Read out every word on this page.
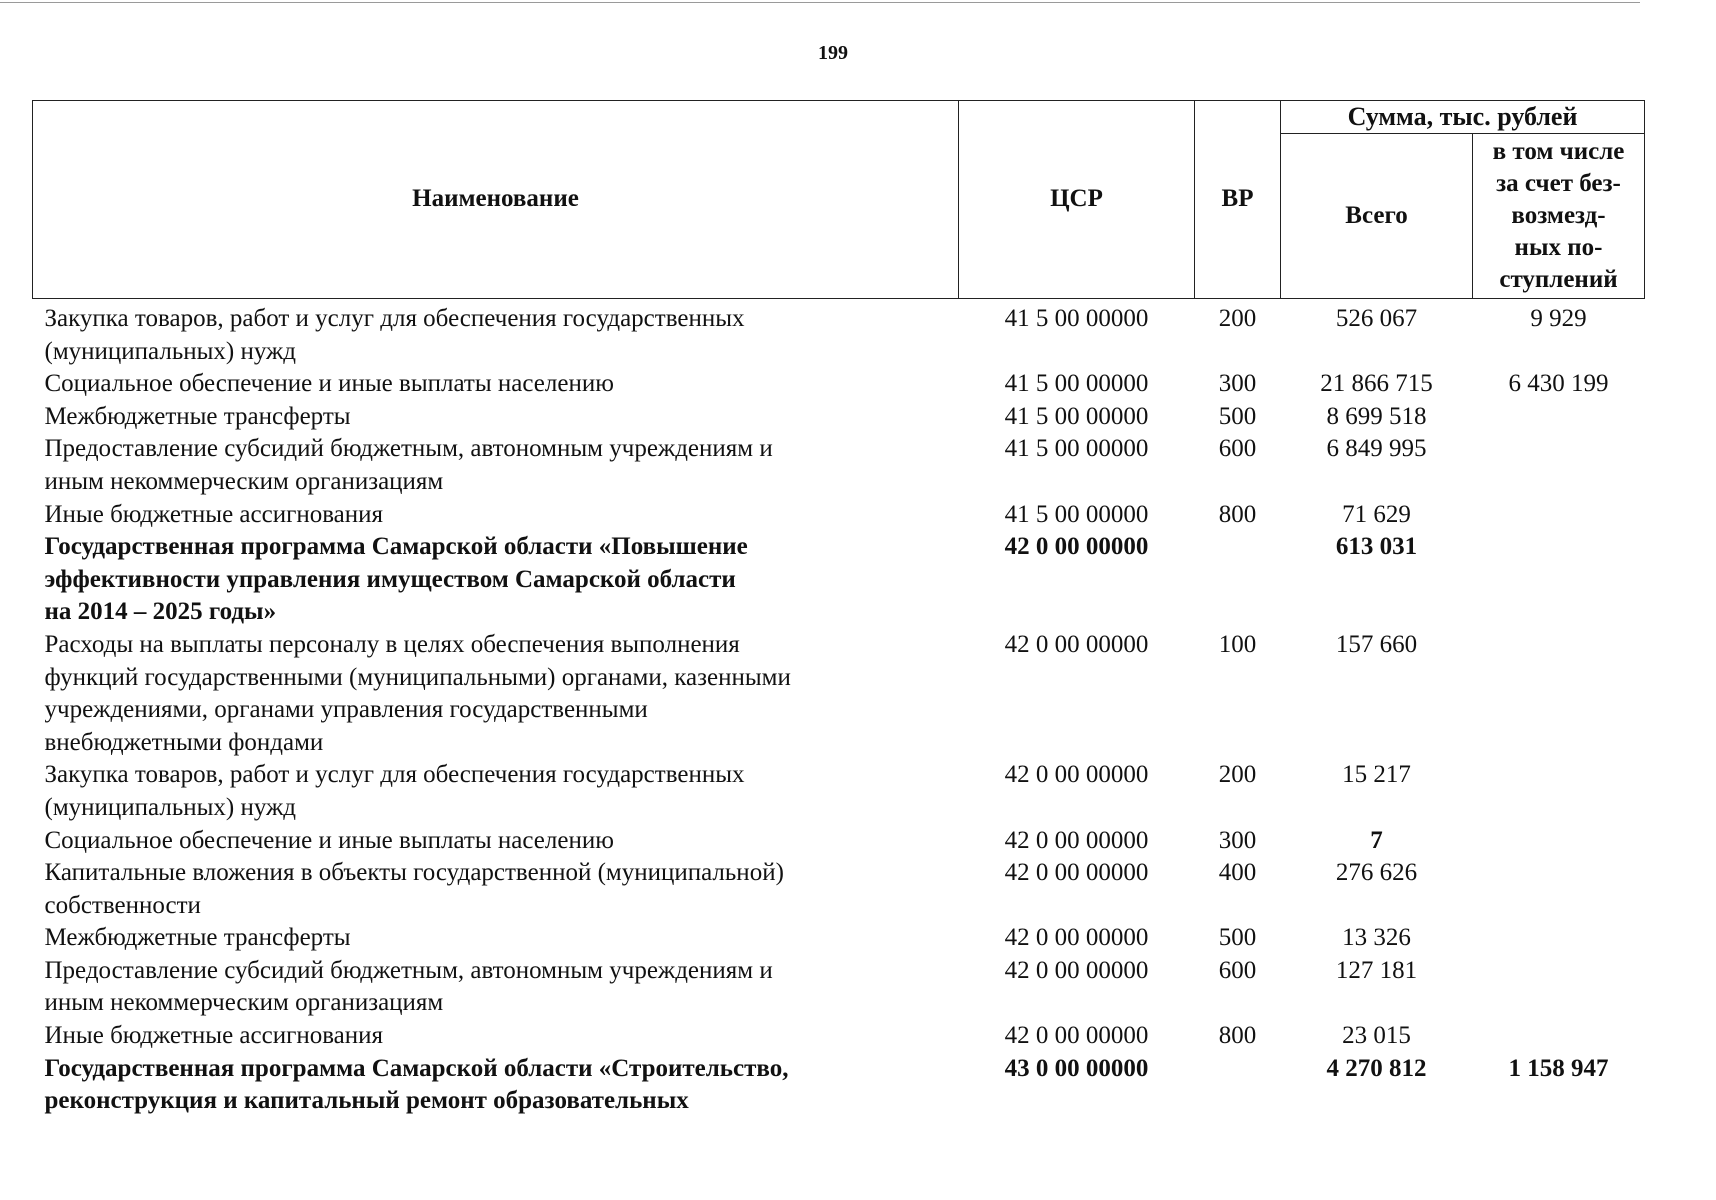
199
Наименование	ЦСР	ВР	Сумма, тыс. рублей	
			Всего	в том числе
за счет без-
возмезд-
ных по-
ступлений

Закупка товаров, работ и услуг для обеспечения государственных
(муниципальных) нужд	41 5 00 00000	200	526 067	9 929

Социальное обеспечение и иные выплаты населению	41 5 00 00000	300	21 866 715	6 430 199

Межбюджетные трансферты	41 5 00 00000	500	8 699 518	

Предоставление субсидий бюджетным, автономным учреждениям и
иным некоммерческим организациям	41 5 00 00000	600	6 849 995	

Иные бюджетные ассигнования	41 5 00 00000	800	71 629	

Государственная программа Самарской области «Повышение
эффективности управления имуществом Самарской области
на 2014 – 2025 годы»	42 0 00 00000		613 031	

Расходы на выплаты персоналу в целях обеспечения выполнения
функций государственными (муниципальными) органами, казенными
учреждениями, органами управления государственными
внебюджетными фондами	42 0 00 00000	100	157 660	

Закупка товаров, работ и услуг для обеспечения государственных
(муниципальных) нужд	42 0 00 00000	200	15 217	

Социальное обеспечение и иные выплаты населению	42 0 00 00000	300	7	

Капитальные вложения в объекты государственной (муниципальной)
собственности	42 0 00 00000	400	276 626	

Межбюджетные трансферты	42 0 00 00000	500	13 326	

Предоставление субсидий бюджетным, автономным учреждениям и
иным некоммерческим организациям	42 0 00 00000	600	127 181	

Иные бюджетные ассигнования	42 0 00 00000	800	23 015	

Государственная программа Самарской области «Строительство,
реконструкция и капитальный ремонт образовательных	43 0 00 00000		4 270 812	1 158 947
